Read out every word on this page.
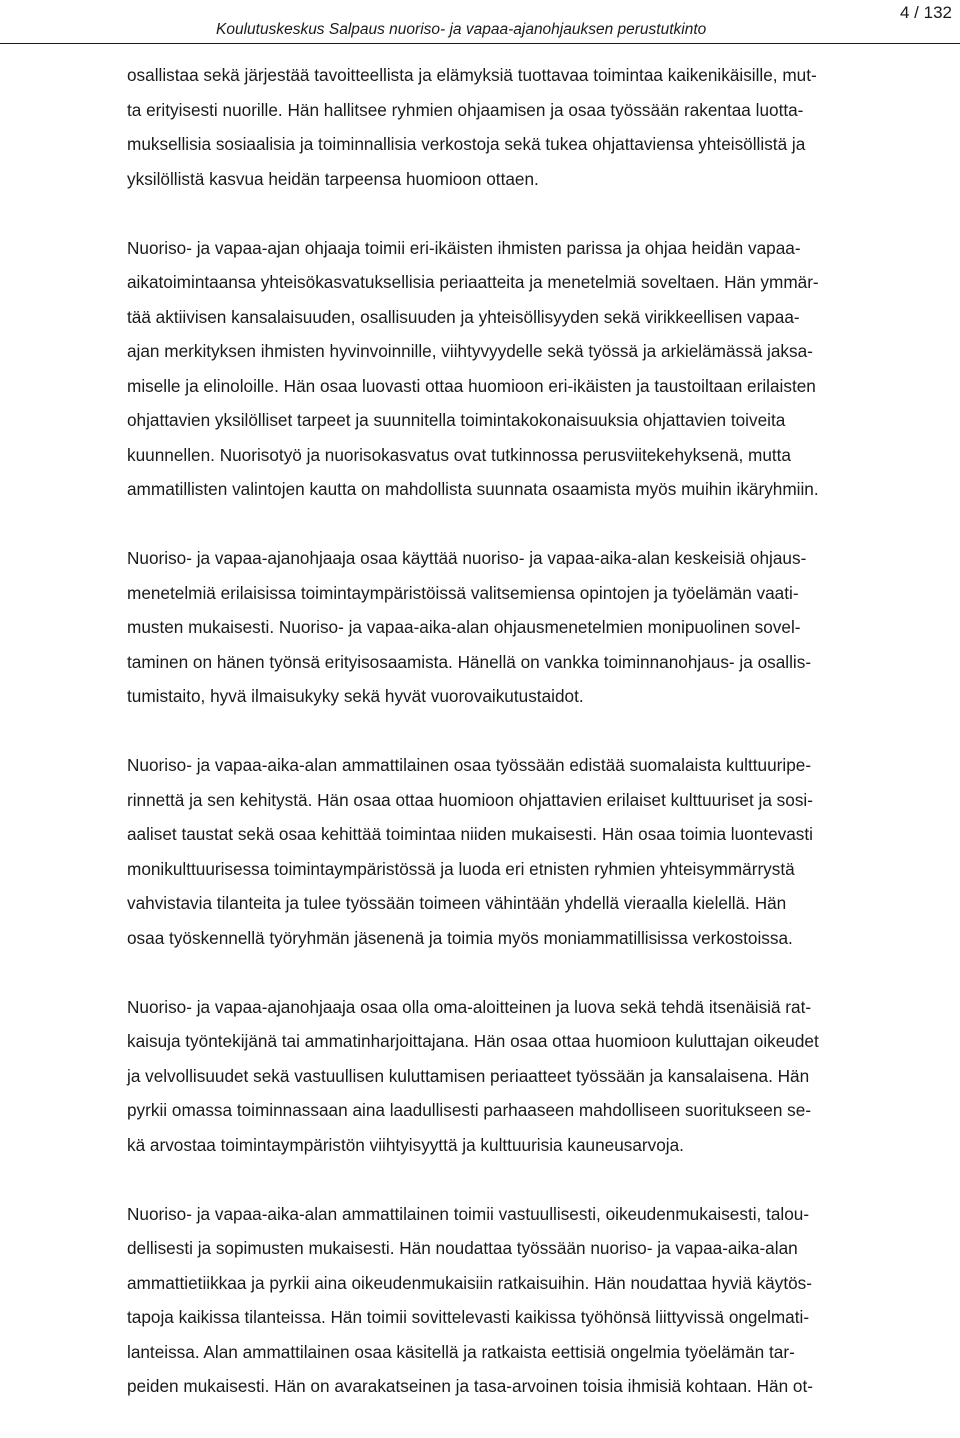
Koulutuskeskus Salpaus nuoriso- ja vapaa-ajanohjauksen perustutkinto
4 / 132
osallistaa sekä järjestää tavoitteellista ja elämyksiä tuottavaa toimintaa kaikenikäisille, mut-
ta erityisesti nuorille. Hän hallitsee ryhmien ohjaamisen ja osaa työssään rakentaa luotta-
muksellisia sosiaalisia ja toiminnallisia verkostoja sekä tukea ohjattaviensa yhteisöllistä ja
yksilöllistä kasvua heidän tarpeensa huomioon ottaen.
Nuoriso- ja vapaa-ajan ohjaaja toimii eri-ikäisten ihmisten parissa ja ohjaa heidän vapaa-
aikatoimintaansa yhteisökasvatuksellisia periaatteita ja menetelmiä soveltaen. Hän ymmär-
tää aktiivisen kansalaisuuden, osallisuuden ja yhteisöllisyyden sekä virikkeellisen vapaa-
ajan merkityksen ihmisten hyvinvoinnille, viihtyvyydelle sekä työssä ja arkielämässä jaksa-
miselle ja elinoloille. Hän osaa luovasti ottaa huomioon eri-ikäisten ja taustoiltaan erilaisten
ohjattavien yksilölliset tarpeet ja suunnitella toimintakokonaisuuksia ohjattavien toiveita
kuunnellen. Nuorisotyö ja nuorisokasvatus ovat tutkinnossa perusviitekehyksenä, mutta
ammatillisten valintojen kautta on mahdollista suunnata osaamista myös muihin ikäryhmiin.
Nuoriso- ja vapaa-ajanohjaaja osaa käyttää nuoriso- ja vapaa-aika-alan keskeisiä ohjaus-
menetelmiä erilaisissa toimintaympäristöissä valitsemiensa opintojen ja työelämän vaati-
musten mukaisesti. Nuoriso- ja vapaa-aika-alan ohjausmenetelmien monipuolinen sovel-
taminen on hänen työnsä erityisosaamista. Hänellä on vankka toiminnanohjaus- ja osallis-
tumistaito, hyvä ilmaisukyky sekä hyvät vuorovaikutustaidot.
Nuoriso- ja vapaa-aika-alan ammattilainen osaa työssään edistää suomalaista kulttuuripe-
rinnettä ja sen kehitystä. Hän osaa ottaa huomioon ohjattavien erilaiset kulttuuriset ja sosi-
aaliset taustat sekä osaa kehittää toimintaa niiden mukaisesti. Hän osaa toimia luontevasti
monikulttuurisessa toimintaympäristössä ja luoda eri etnisten ryhmien yhteisymmärrystä
vahvistavia tilanteita ja tulee työssään toimeen vähintään yhdellä vieraalla kielellä. Hän
osaa työskennellä työryhmän jäsenenä ja toimia myös moniammatillisissa verkostoissa.
Nuoriso- ja vapaa-ajanohjaaja osaa olla oma-aloitteinen ja luova sekä tehdä itsenäisiä rat-
kaisuja työntekijänä tai ammatinharjoittajana. Hän osaa ottaa huomioon kuluttajan oikeudet
ja velvollisuudet sekä vastuullisen kuluttamisen periaatteet työssään ja kansalaisena. Hän
pyrkii omassa toiminnassaan aina laadullisesti parhaaseen mahdolliseen suoritukseen se-
kä arvostaa toimintaympäristön viihtyisyyttä ja kulttuurisia kauneusarvoja.
Nuoriso- ja vapaa-aika-alan ammattilainen toimii vastuullisesti, oikeudenmukaisesti, talou-
dellisesti ja sopimusten mukaisesti. Hän noudattaa työssään nuoriso- ja vapaa-aika-alan
ammattietiikkaa ja pyrkii aina oikeudenmukaisiin ratkaisuihin. Hän noudattaa hyviä käytös-
tapoja kaikissa tilanteissa. Hän toimii sovittelevasti kaikissa työhönsä liittyvissä ongelmati-
lanteissa. Alan ammattilainen osaa käsitellä ja ratkaista eettisiä ongelmia työelämän tar-
peiden mukaisesti. Hän on avarakatseinen ja tasa-arvoinen toisia ihmisiä kohtaan. Hän ot-
